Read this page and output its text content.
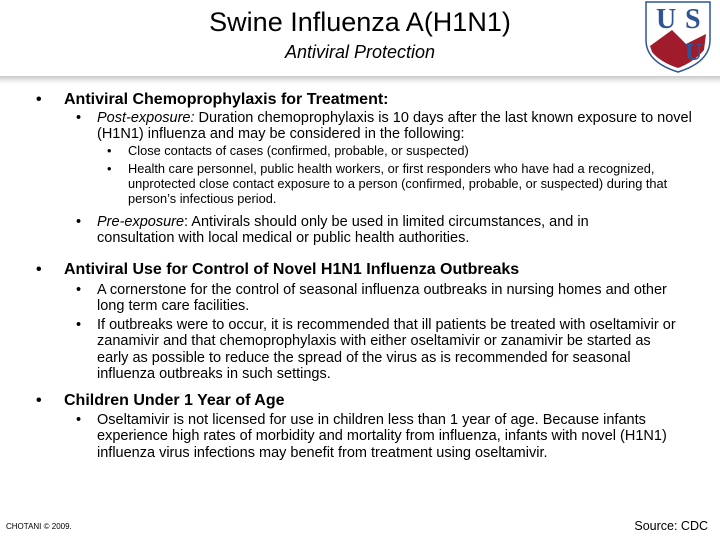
Swine Influenza A(H1N1)
Antiviral Protection
U S
U
• Antiviral Chemoprophylaxis for Treatment:
• Post-exposure: Duration chemoprophylaxis is 10 days after the last known exposure to novel (H1N1) influenza and may be considered in the following:
• Close contacts of cases (confirmed, probable, or suspected)
• Health care personnel, public health workers, or first responders who have had a recognized, unprotected close contact exposure to a person (confirmed, probable, or suspected) during that person’s infectious period.
• Pre-exposure: Antivirals should only be used in limited circumstances, and in consultation with local medical or public health authorities.
• Antiviral Use for Control of Novel H1N1 Influenza Outbreaks
• A cornerstone for the control of seasonal influenza outbreaks in nursing homes and other long term care facilities.
• If outbreaks were to occur, it is recommended that ill patients be treated with oseltamivir or zanamivir and that chemoprophylaxis with either oseltamivir or zanamivir be started as early as possible to reduce the spread of the virus as is recommended for seasonal influenza outbreaks in such settings.
• Children Under 1 Year of Age
• Oseltamivir is not licensed for use in children less than 1 year of age. Because infants experience high rates of morbidity and mortality from influenza, infants with novel (H1N1) influenza virus infections may benefit from treatment using oseltamivir.
CHOTANI © 2009.	Source: CDC
